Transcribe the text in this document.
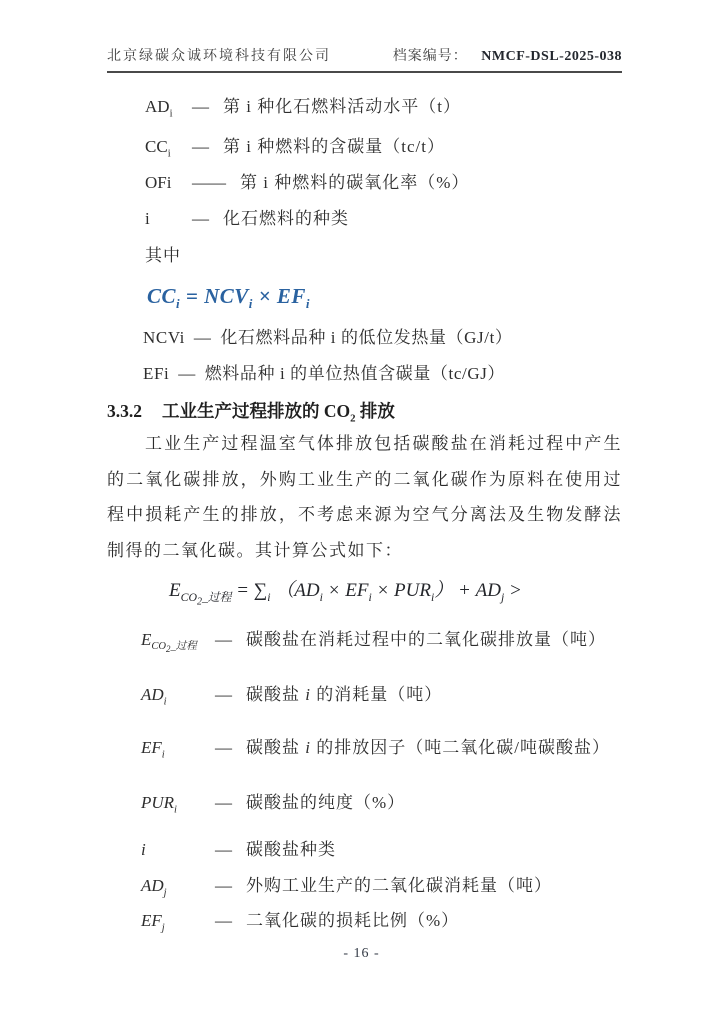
北京绿碳众诚环境科技有限公司	档案编号： NMCF-DSL-2025-038
$AD_i$	— 第 i 种化石燃料活动水平（t）
$CC_i$	— 第 i 种燃料的含碳量（tc/t）
OFi	—— 第 i 种燃料的碳氧化率（%）
i	— 化石燃料的种类
其中
$CC_i = NCV_i \times EF_i$
NCVi — 化石燃料品种 i 的低位发热量（GJ/t）
EFi — 燃料品种 i 的单位热值含碳量（tc/GJ）
3.3.2 工业生产过程排放的 $CO_2$ 排放
工业生产过程温室气体排放包括碳酸盐在消耗过程中产生的二氧化碳排放，外购工业生产的二氧化碳作为原料在使用过程中损耗产生的排放，不考虑来源为空气分离法及生物发酵法制得的二氧化碳。其计算公式如下：
$E_{CO_2\_过程} = \sum_i$ $(AD_i \times EF_i \times PUR_i) + AD_j$ >
$E_{CO_2\_过程}$	— 碳酸盐在消耗过程中的二氧化碳排放量（吨）
$AD_i$	— 碳酸盐 i 的消耗量（吨）
$EF_i$	— 碳酸盐 i 的排放因子（吨二氧化碳/吨碳酸盐）
$PUR_i$	— 碳酸盐的纯度（%）
i	— 碳酸盐种类
$AD_j$	— 外购工业生产的二氧化碳消耗量（吨）
$EF_j$	— 二氧化碳的损耗比例（%）
- 16 -
